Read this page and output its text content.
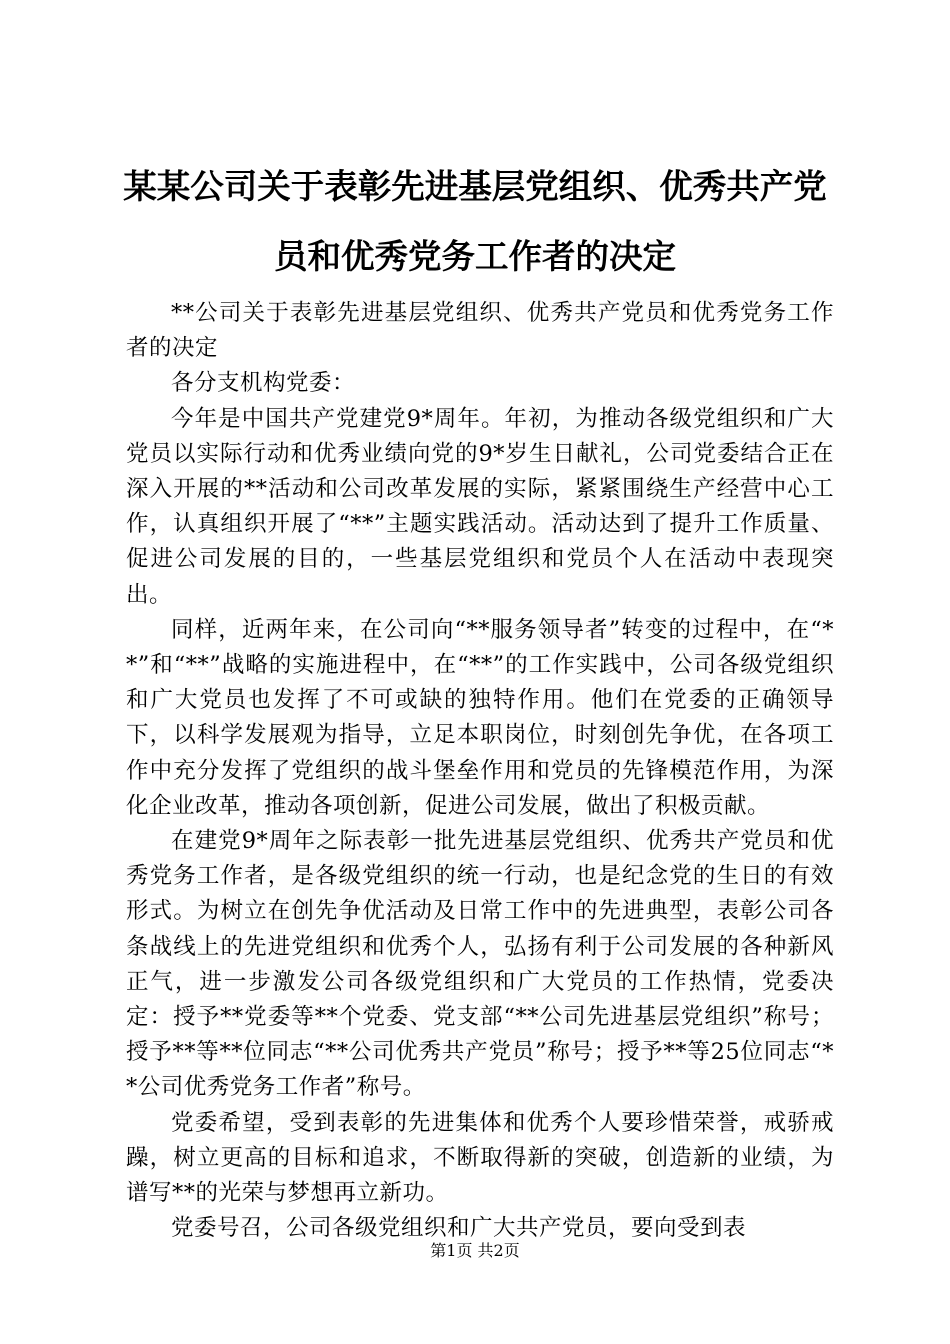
某某公司关于表彰先进基层党组织、优秀共产党员和优秀党务工作者的决定

**公司关于表彰先进基层党组织、优秀共产党员和优秀党务工作者的决定

各分支机构党委：

今年是中国共产党建党9*周年。年初，为推动各级党组织和广大党员以实际行动和优秀业绩向党的9*岁生日献礼，公司党委结合正在深入开展的**活动和公司改革发展的实际，紧紧围绕生产经营中心工作，认真组织开展了“**”主题实践活动。活动达到了提升工作质量、促进公司发展的目的，一些基层党组织和党员个人在活动中表现突出。

同样，近两年来，在公司向“**服务领导者”转变的过程中，在“**”和“**”战略的实施进程中，在“**”的工作实践中，公司各级党组织和广大党员也发挥了不可或缺的独特作用。他们在党委的正确领导下，以科学发展观为指导，立足本职岗位，时刻创先争优，在各项工作中充分发挥了党组织的战斗堡垒作用和党员的先锋模范作用，为深化企业改革，推动各项创新，促进公司发展，做出了积极贡献。

在建党9*周年之际表彰一批先进基层党组织、优秀共产党员和优秀党务工作者，是各级党组织的统一行动，也是纪念党的生日的有效形式。为树立在创先争优活动及日常工作中的先进典型，表彰公司各条战线上的先进党组织和优秀个人，弘扬有利于公司发展的各种新风正气，进一步激发公司各级党组织和广大党员的工作热情，党委决定：授予**党委等**个党委、党支部“**公司先进基层党组织”称号；授予**等**位同志“**公司优秀共产党员”称号；授予**等25位同志“**公司优秀党务工作者”称号。

党委希望，受到表彰的先进集体和优秀个人要珍惜荣誉，戒骄戒躁，树立更高的目标和追求，不断取得新的突破，创造新的业绩，为谱写**的光荣与梦想再立新功。

党委号召，公司各级党组织和广大共产党员，要向受到表

第1页 共2页
